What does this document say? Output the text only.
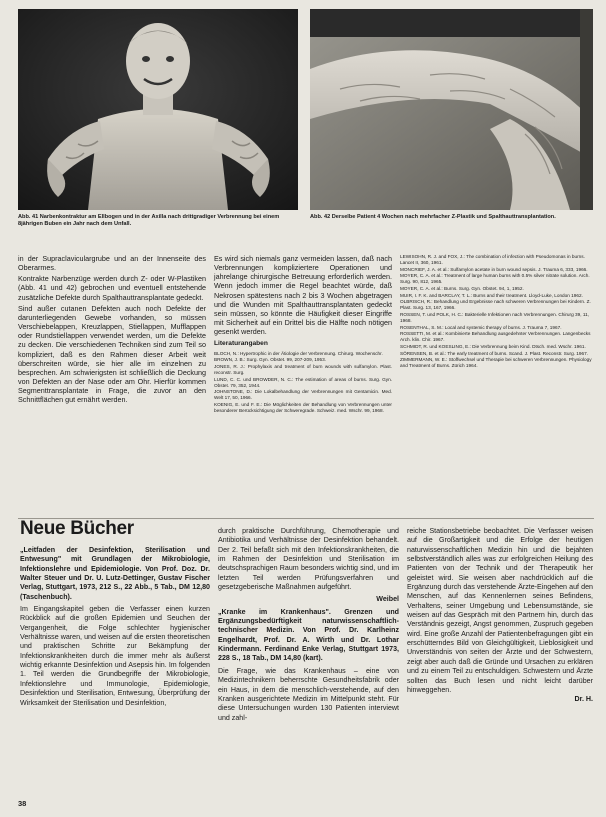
Abb. 41 Narbenkontraktur am Ellbogen und in der Axilla nach drittgradiger Verbrennung bei einem 8jährigen Buben ein Jahr nach dem Unfall.
Abb. 42 Derselbe Patient 4 Wochen nach mehrfacher Z-Plastik und Spalthauttransplantation.

in der Supraclaviculargrube und an der Innenseite des Oberarmes.

Kontrakte Narbenzüge werden durch Z- oder W-Plastiken (Abb. 41 und 42) gebrochen und eventuell entstehende zusätzliche Defekte durch Spalthauttransplantate gedeckt.

Sind außer cutanen Defekten auch noch Defekte der darunterliegenden Gewebe vorhanden, so müssen Verschiebelappen, Kreuzlappen, Stiellappen, Mufflappen oder Rundstiellappen verwendet werden, um die Defekte zu decken. Die verschiedenen Techniken sind zum Teil so kompliziert, daß es den Rahmen dieser Arbeit weit überschreiten würde, sie hier alle im einzelnen zu besprechen. Am schwierigsten ist schließlich die Deckung von Defekten an der Nase oder am Ohr. Hierfür kommen Segmenttransplantate in Frage, die zuvor an den Schnittflächen gut ernährt werden.

Es wird sich niemals ganz vermeiden lassen, daß nach Verbrennungen kompliziertere Operationen und jahrelange chirurgische Betreuung erforderlich werden. Wenn jedoch immer die Regel beachtet würde, daß Nekrosen spätestens nach 2 bis 3 Wochen abgetragen und die Wunden mit Spalthauttransplantaten gedeckt sein müssen, so könnte die Häufigkeit dieser Eingriffe mit Sicherheit auf ein Drittel bis die Hälfte noch nötigen gesenkt werden.

Literaturangaben

BLOCH, N.: Hypertrophic in der Ätiologie der Verbrennung. Chirurg. Wochenschr.

BROWN, J. B.: Surg. Gyn. Obstet. 99, 207-209, 1953.

JONES, R. J.: Prophylaxis and treatment of burn wounds with sulfamylon. Plast. reconstr. Surg.

LUND, C. C. und BROWDER, N. C.: The estimation of areas of burns. Surg. Gyn. Obstet. 79, 352, 1944.

JOHNSTONE, D.: Die Lokalbehandlung der Verbrennungen mit Gentamicin. Med. Welt 17, 50, 1966.

KOENIG, E. und F. E.: Die Möglichkeiten der Behandlung von Verbrennungen unter besonderer Berücksichtigung der Schweregrade. Schweiz. med. Wschr. 99, 1968.

LEWISOHN, R. J. and FOX, J.: The combination of infection with Pseudomonas in burns. Lancet II, 360, 1961.

MONCRIEF, J. A. et al.: Sulfamylon acetate in burn wound sepsis. J. Trauma 6, 333, 1966.

MOYER, C. A. et al.: Treatment of large human burns with 0.5% silver nitrate solution. Arch. Surg. 90, 812, 1965.

MOYER, C. A. et al.: Burns. Surg. Gyn. Obstet. 94, 1, 1952.

MUIR, I. F. K. and BARCLAY, T. L.: Burns and their treatment. Lloyd-Luke, London 1962.

OLBRISCH, R.: Behandlung und Ergebnisse nach schweren Verbrennungen bei Kindern. Z. Plast. Surg. 13, 167, 1966.

ROSSEN, T. und POLK, H. C.: Bakterielle Infektionen nach Verbrennungen. Chirurg 39, 11, 1968.

ROSENTHAL, S. M.: Local and systemic therapy of burns. J. Trauma 7, 1967.

ROSSETTI, M. et al.: Kombinierte Behandlung ausgedehnter Verbrennungen. Langenbecks Arch. klin. Chir. 1967.

SCHMIDT, R. und KOESLING, E.: Die Verbrennung beim Kind. Dtsch. med. Wschr. 1961.

SÖRENSEN, B. et al.: The early treatment of burns. Scand. J. Plast. Reconstr. Surg. 1967.

ZIMMERMANN, W. E.: Stoffwechsel und Therapie bei schweren Verbrennungen. Physiology and Treatment of Burns. Zürich 1964.

Neue Bücher

„Leitfaden der Desinfektion, Sterilisation und Entwesung" mit Grundlagen der Mikrobiologie, Infektionslehre und Epidemiologie. Von Prof. Doz. Dr. Walter Steuer und Dr. U. Lutz-Dettinger, Gustav Fischer Verlag, Stuttgart, 1973, 212 S., 22 Abb., 5 Tab., DM 12,80 (Taschenbuch).

Im Eingangskapitel geben die Verfasser einen kurzen Rückblick auf die großen Epidemien und Seuchen der Vergangenheit, die Folge schlechter hygienischer Verhältnisse waren, und weisen auf die ersten theoretischen und praktischen Schritte zur Bekämpfung der Infektionskrankheiten durch die immer mehr als äußerst wichtig erkannte Desinfektion und Asepsis hin. Im folgenden 1. Teil werden die Grundbegriffe der Mikrobiologie, Infektionslehre und Immunologie, Epidemiologie, Desinfektion und Sterilisation, Entwesung, Überprüfung der Wirksamkeit der Sterilisation und Desinfektion,

durch praktische Durchführung, Chemotherapie und Antibiotika und Verhältnisse der Desinfektion behandelt. Der 2. Teil befaßt sich mit den Infektionskrankheiten, die im Rahmen der Desinfektion und Sterilisation im deutschsprachigen Raum besonders wichtig sind, und im letzten Teil werden Prüfungsverfahren und gesetzgeberische Maßnahmen aufgeführt.

Weibel

„Kranke im Krankenhaus". Grenzen und Ergänzungsbedürftigkeit naturwissenschaftlich-technischer Medizin. Von Prof. Dr. Karlheinz Engelhardt, Prof. Dr. A. Wirth und Dr. Lothar Kindermann. Ferdinand Enke Verlag, Stuttgart 1973, 228 S., 18 Tab., DM 14,80 (kart).

Die Frage, wie das Krankenhaus – eine von Medizintechnikern beherrschte Gesundheitsfabrik oder ein Haus, in dem die menschlich-verstehende, auf den Kranken ausgerichtete Medizin im Mittelpunkt steht. Für diese Untersuchungen wurden 130 Patienten interviewt und zahl-

reiche Stationsbetriebe beobachtet. Die Verfasser weisen auf die Großartigkeit und die Erfolge der heutigen naturwissenschaftlichen Medizin hin und die bejahten selbstverständlich alles was zur erfolgreichen Heilung des Patienten von der Technik und der Therapeutik her geleistet wird. Sie weisen aber nachdrücklich auf die Ergänzung durch das verstehende Ärzte-Eingehen auf den Menschen, auf das Kennenlernen seines Befindens, Verhaltens, seiner Umgebung und Lebensumstände, sie weisen auf das Gespräch mit den Partnern hin, durch das Verständnis gezeigt, Angst genommen, Zuspruch gegeben wird. Eine große Anzahl der Patientenbefragungen gibt ein erschütterndes Bild von Gleichgültigkeit, Lieblosigkeit und Unverständnis von seiten der Ärzte und der Schwestern, zeigt aber auch daß die Gründe und Ursachen zu erklären und zu einem Teil zu entschuldigen. Schwestern und Ärzte sollten das Buch lesen und nicht leicht darüber hinweggehen.

Dr. H.

38
